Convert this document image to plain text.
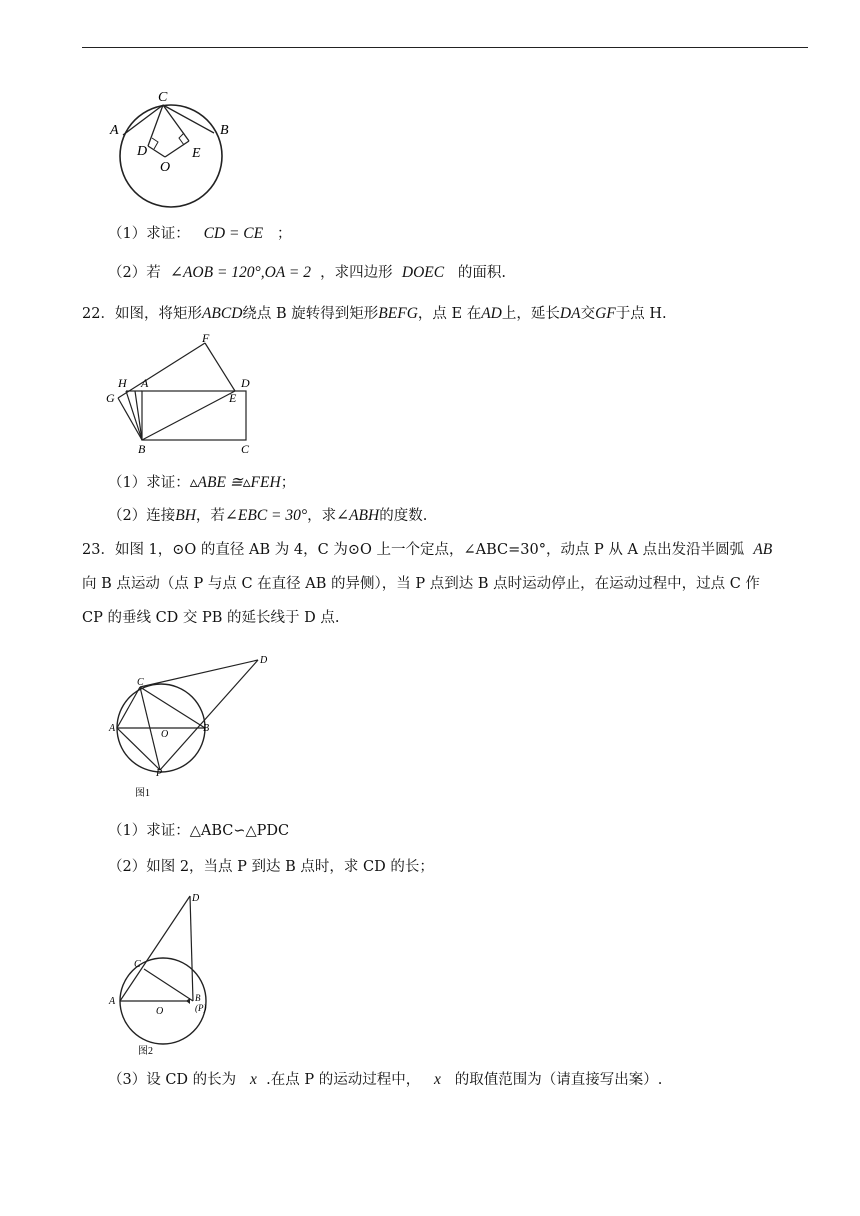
A	B
C
D	E
O
（1）求证： CD = CE ；
（2）若 ∠AOB = 120°,OA = 2 ，求四边形 DOEC 的面积.
22．如图，将矩形ABCD绕点 B 旋转得到矩形BEFG，点 E 在AD上，延长DA交GF于点 H.
F
H A	D
G	E
B	C
（1）求证：▵ABE ≅▵FEH；
（2）连接BH，若∠EBC = 30°，求∠ABH的度数.
23．如图 1，⊙O 的直径 AB 为 4，C 为⊙O 上一个定点，∠ABC=30°，动点 P 从 A 点出发沿半圆弧 AB
向 B 点运动（点 P 与点 C 在直径 AB 的异侧），当 P 点到达 B 点时运动停止，在运动过程中，过点 C 作
CP 的垂线 CD 交 PB 的延长线于 D 点.
D
C
A
O
B
P
图1
（1）求证：△ABC∽△PDC
（2）如图 2，当点 P 到达 B 点时，求 CD 的长；
D
C
A
O
B
(P)
图2
（3）设 CD 的长为 x .在点 P 的运动过程中， x 的取值范围为（请直接写出案）.
